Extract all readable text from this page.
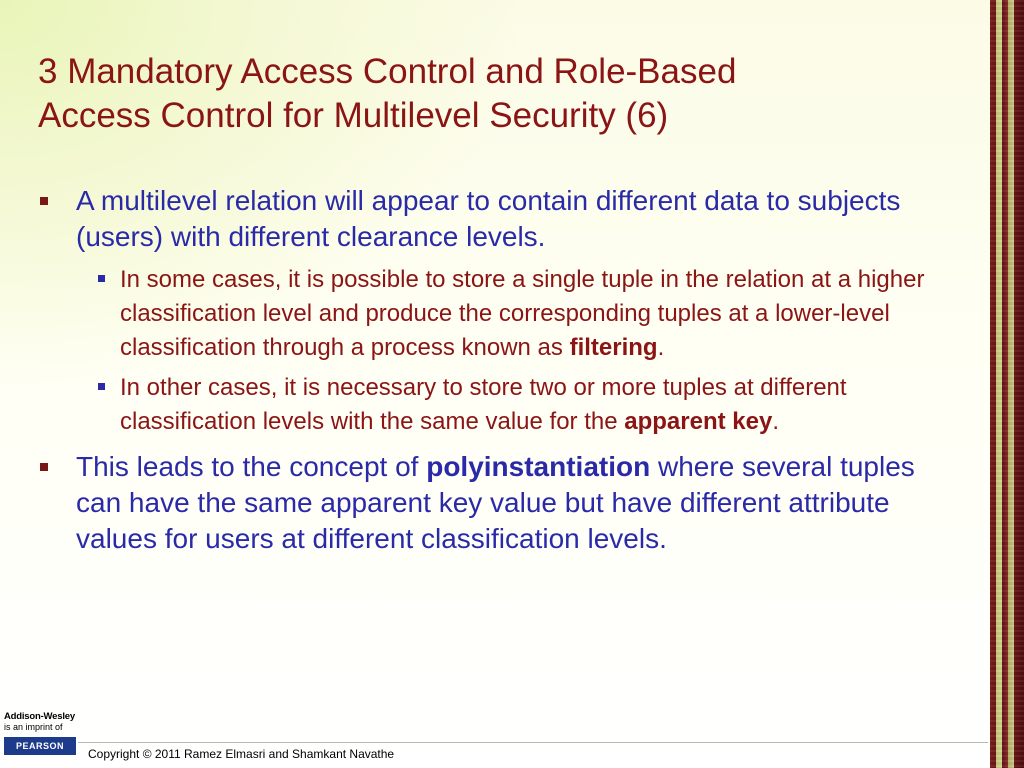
3 Mandatory Access Control and Role-Based
Access Control for Multilevel Security (6)
A multilevel relation will appear to contain different data to subjects (users) with different clearance levels.
In some cases, it is possible to store a single tuple in the relation at a higher classification level and produce the corresponding tuples at a lower-level classification through a process known as filtering.
In other cases, it is necessary to store two or more tuples at different classification levels with the same value for the apparent key.
This leads to the concept of polyinstantiation where several tuples can have the same apparent key value but have different attribute values for users at different classification levels.
Addison-Wesley
is an imprint of
PEARSON
Copyright © 2011 Ramez Elmasri and Shamkant Navathe
